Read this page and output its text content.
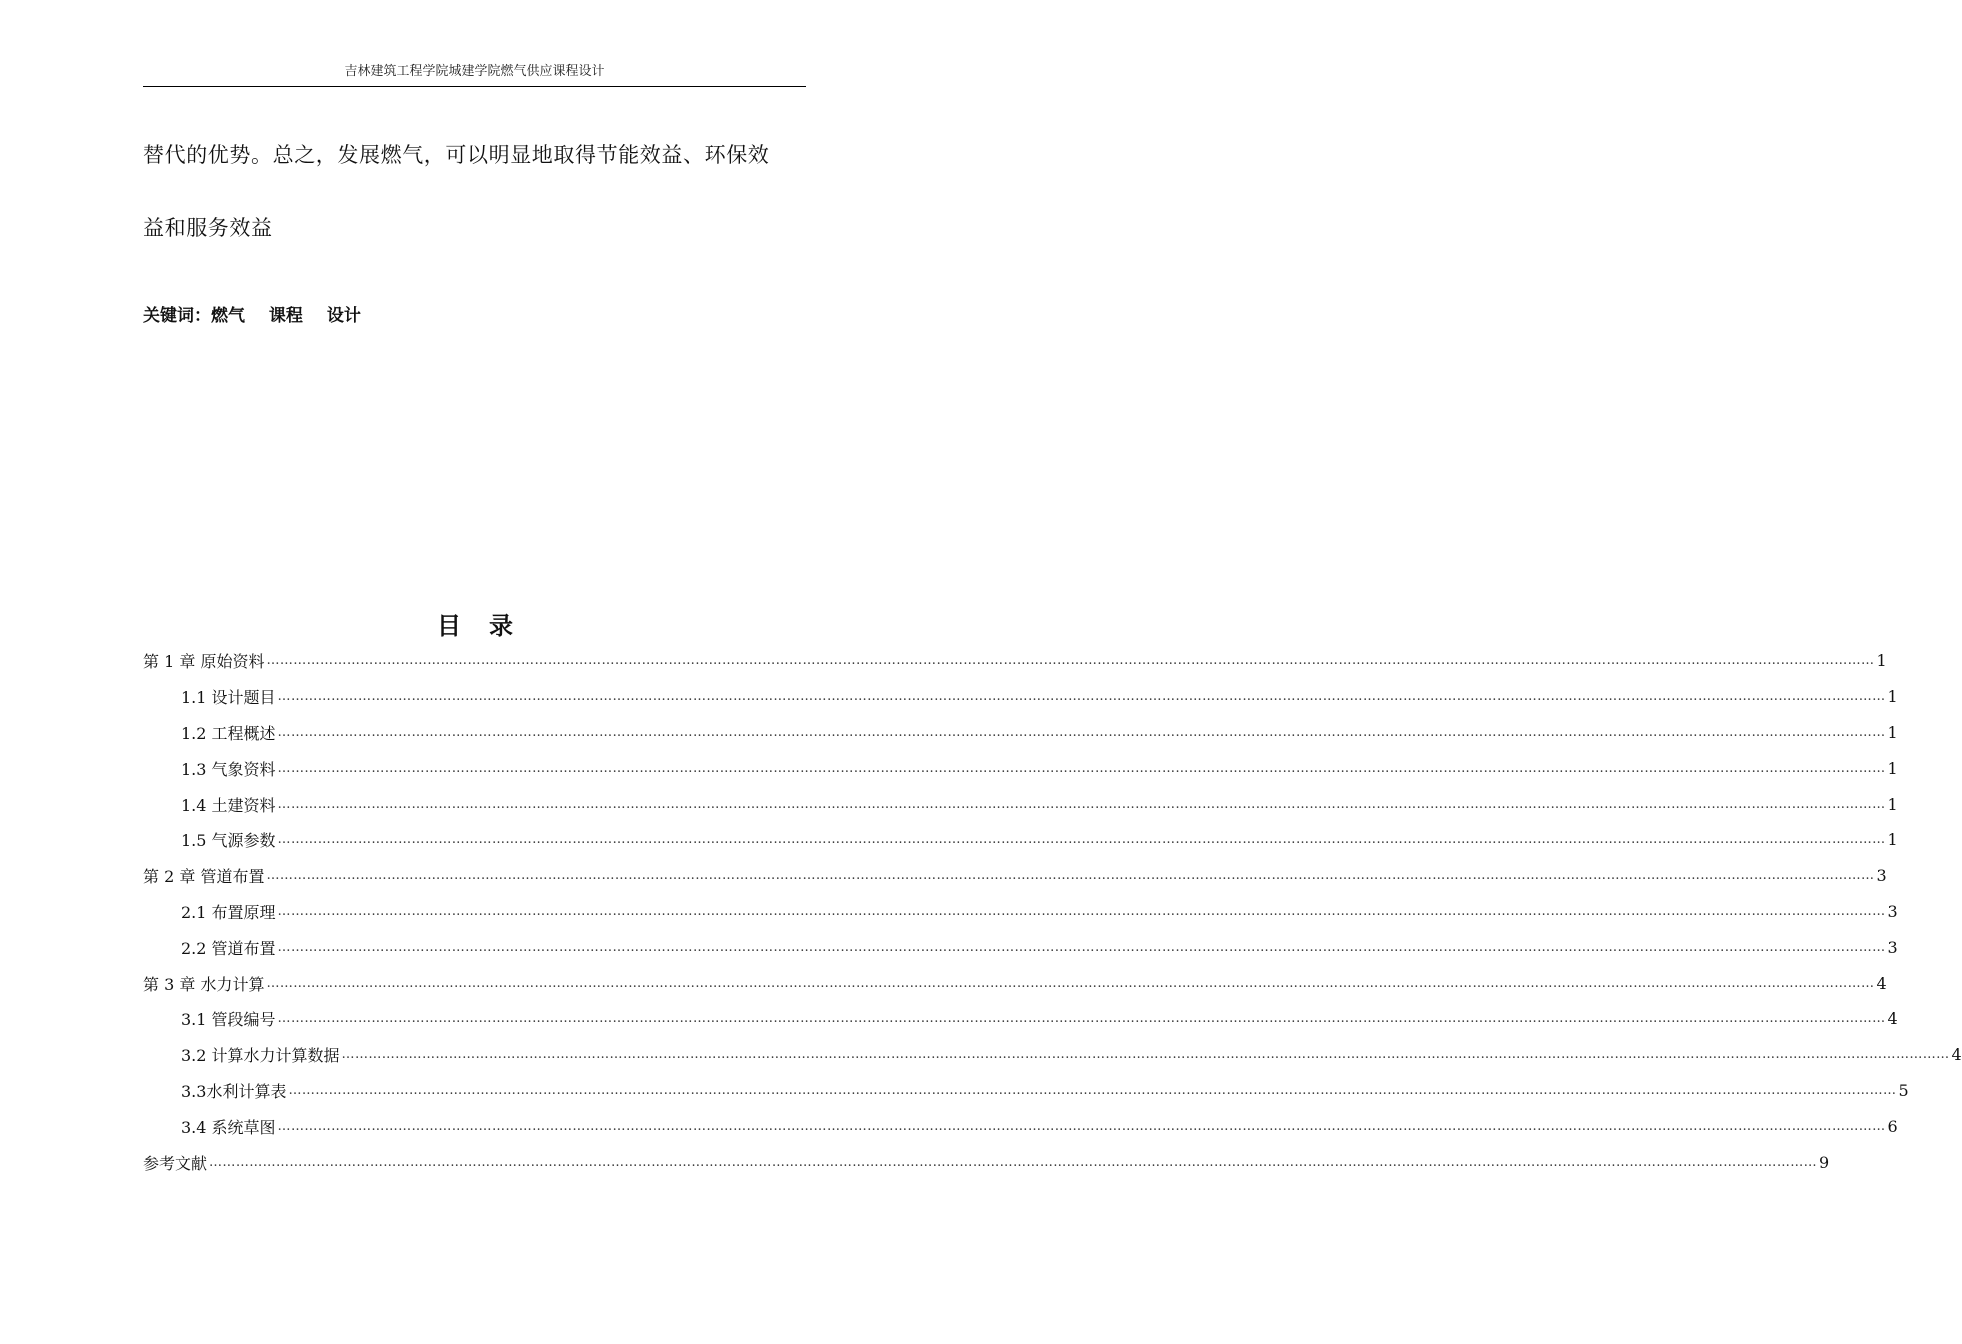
吉林建筑工程学院城建学院燃气供应课程设计
替代的优势。总之，发展燃气，可以明显地取得节能效益、环保效
益和服务效益
关键词：燃气 课程 设计
目录
第 1 章 原始资料 ……………………………………………………………………………………………………………………………………………………………………………………………………………………………………………………………………………………………………………………………… 1
1.1 设计题目 ……………………………………………………………………………………………………………………………………………………………………………………………………………………………………………………………………………………………………………………………… 1
1.2 工程概述 ……………………………………………………………………………………………………………………………………………………………………………………………………………………………………………………………………………………………………………………………… 1
1.3 气象资料 ……………………………………………………………………………………………………………………………………………………………………………………………………………………………………………………………………………………………………………………………… 1
1.4 土建资料 ……………………………………………………………………………………………………………………………………………………………………………………………………………………………………………………………………………………………………………………………… 1
1.5 气源参数 ……………………………………………………………………………………………………………………………………………………………………………………………………………………………………………………………………………………………………………………………… 1
第 2 章 管道布置 ……………………………………………………………………………………………………………………………………………………………………………………………………………………………………………………………………………………………………………………………… 3
2.1 布置原理 ……………………………………………………………………………………………………………………………………………………………………………………………………………………………………………………………………………………………………………………………… 3
2.2 管道布置 ……………………………………………………………………………………………………………………………………………………………………………………………………………………………………………………………………………………………………………………………… 3
第 3 章 水力计算 ……………………………………………………………………………………………………………………………………………………………………………………………………………………………………………………………………………………………………………………………… 4
3.1 管段编号 ……………………………………………………………………………………………………………………………………………………………………………………………………………………………………………………………………………………………………………………………… 4
3.2 计算水力计算数据 ……………………………………………………………………………………………………………………………………………………………………………………………………………………………………………………………………………………………………………………………… 4
3.3水利计算表 ……………………………………………………………………………………………………………………………………………………………………………………………………………………………………………………………………………………………………………………………… 5
3.4 系统草图 ……………………………………………………………………………………………………………………………………………………………………………………………………………………………………………………………………………………………………………………………… 6
参考文献 ……………………………………………………………………………………………………………………………………………………………………………………………………………………………………………………………………………………………………………………………… 9
